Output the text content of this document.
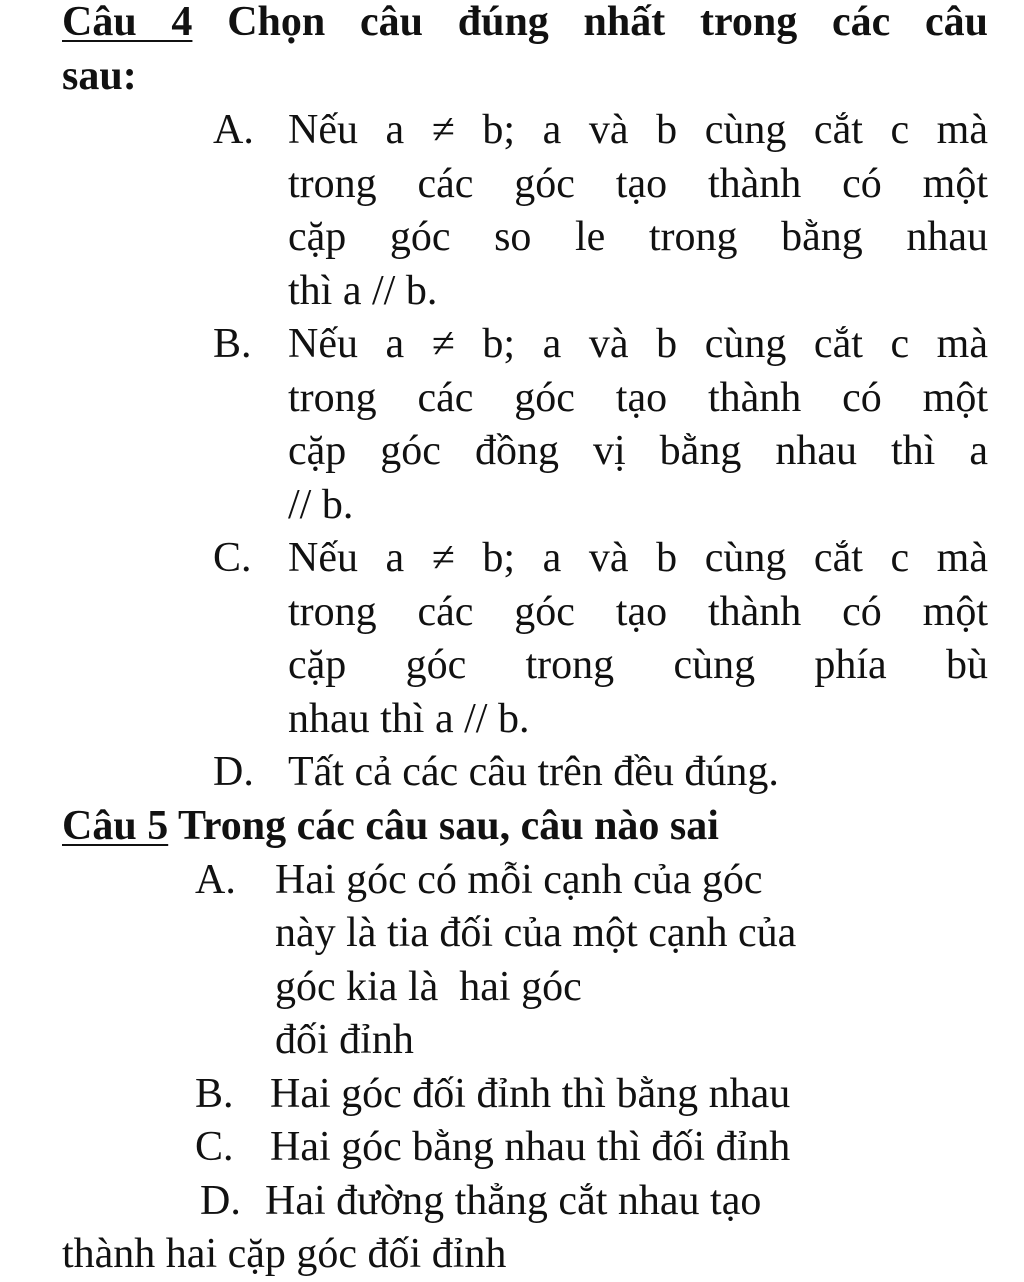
Câu 4 Chọn câu đúng nhất trong các câu
sau:
A. Nếu a ≠ b; a và b cùng cắt c mà
trong các góc tạo thành có một
cặp góc so le trong bằng nhau
thì a // b.
B. Nếu a ≠ b; a và b cùng cắt c mà
trong các góc tạo thành có một
cặp góc đồng vị bằng nhau thì a
// b.
C. Nếu a ≠ b; a và b cùng cắt c mà
trong các góc tạo thành có một
cặp góc trong cùng phía bù
nhau thì a // b.
D. Tất cả các câu trên đều đúng.
Câu 5 Trong các câu sau, câu nào sai
A. Hai góc có mỗi cạnh của góc
này là tia đối của một cạnh của
góc kia là  hai góc
đối đỉnh
B. Hai góc đối đỉnh thì bằng nhau
C. Hai góc bằng nhau thì đối đỉnh
D. Hai đường thẳng cắt nhau tạo
thành hai cặp góc đối đỉnh
